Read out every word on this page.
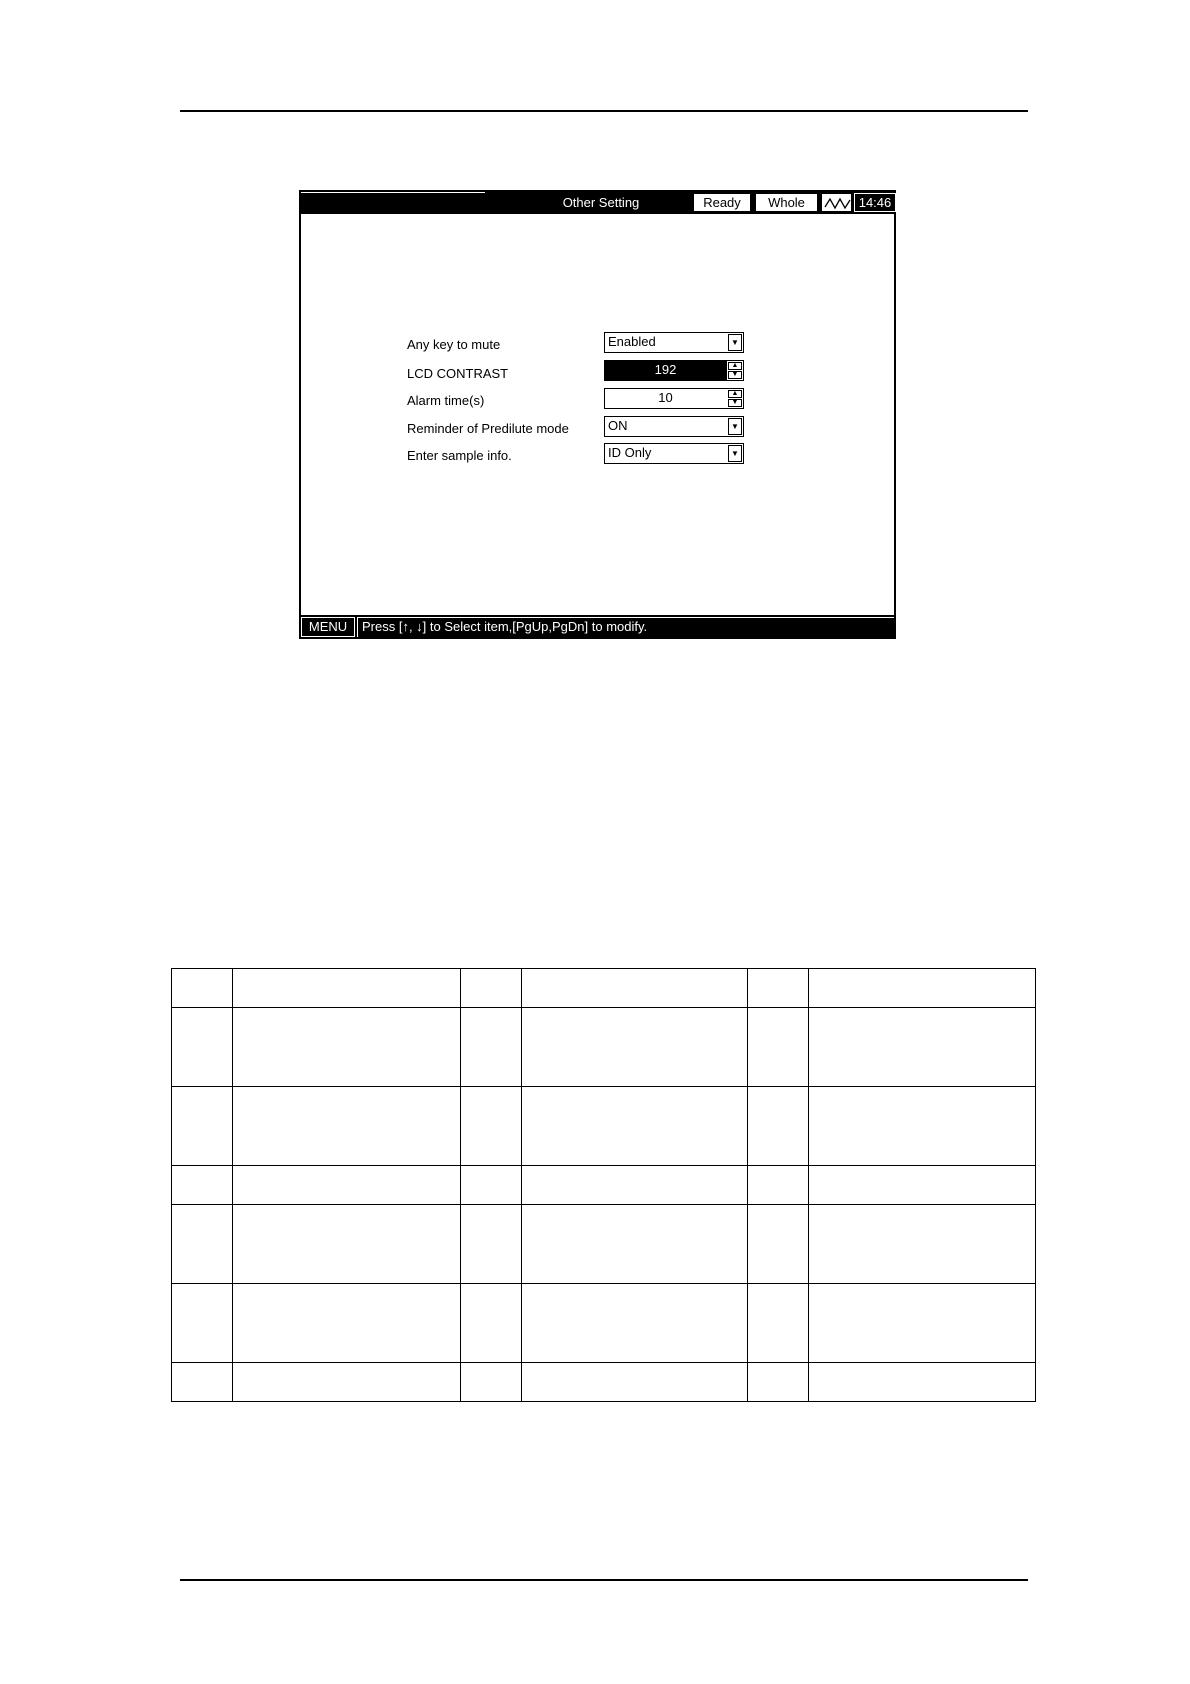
Other Setting	Ready	Whole	14:46
Any key to mute	Enabled	▼
LCD CONTRAST	192	▲
▼
Alarm time(s)	10	▲
▼
Reminder of Predilute mode	ON	▼
Enter sample info.	ID Only	▼
MENU	Press [↑, ↓] to Select item,[PgUp,PgDn] to modify.
